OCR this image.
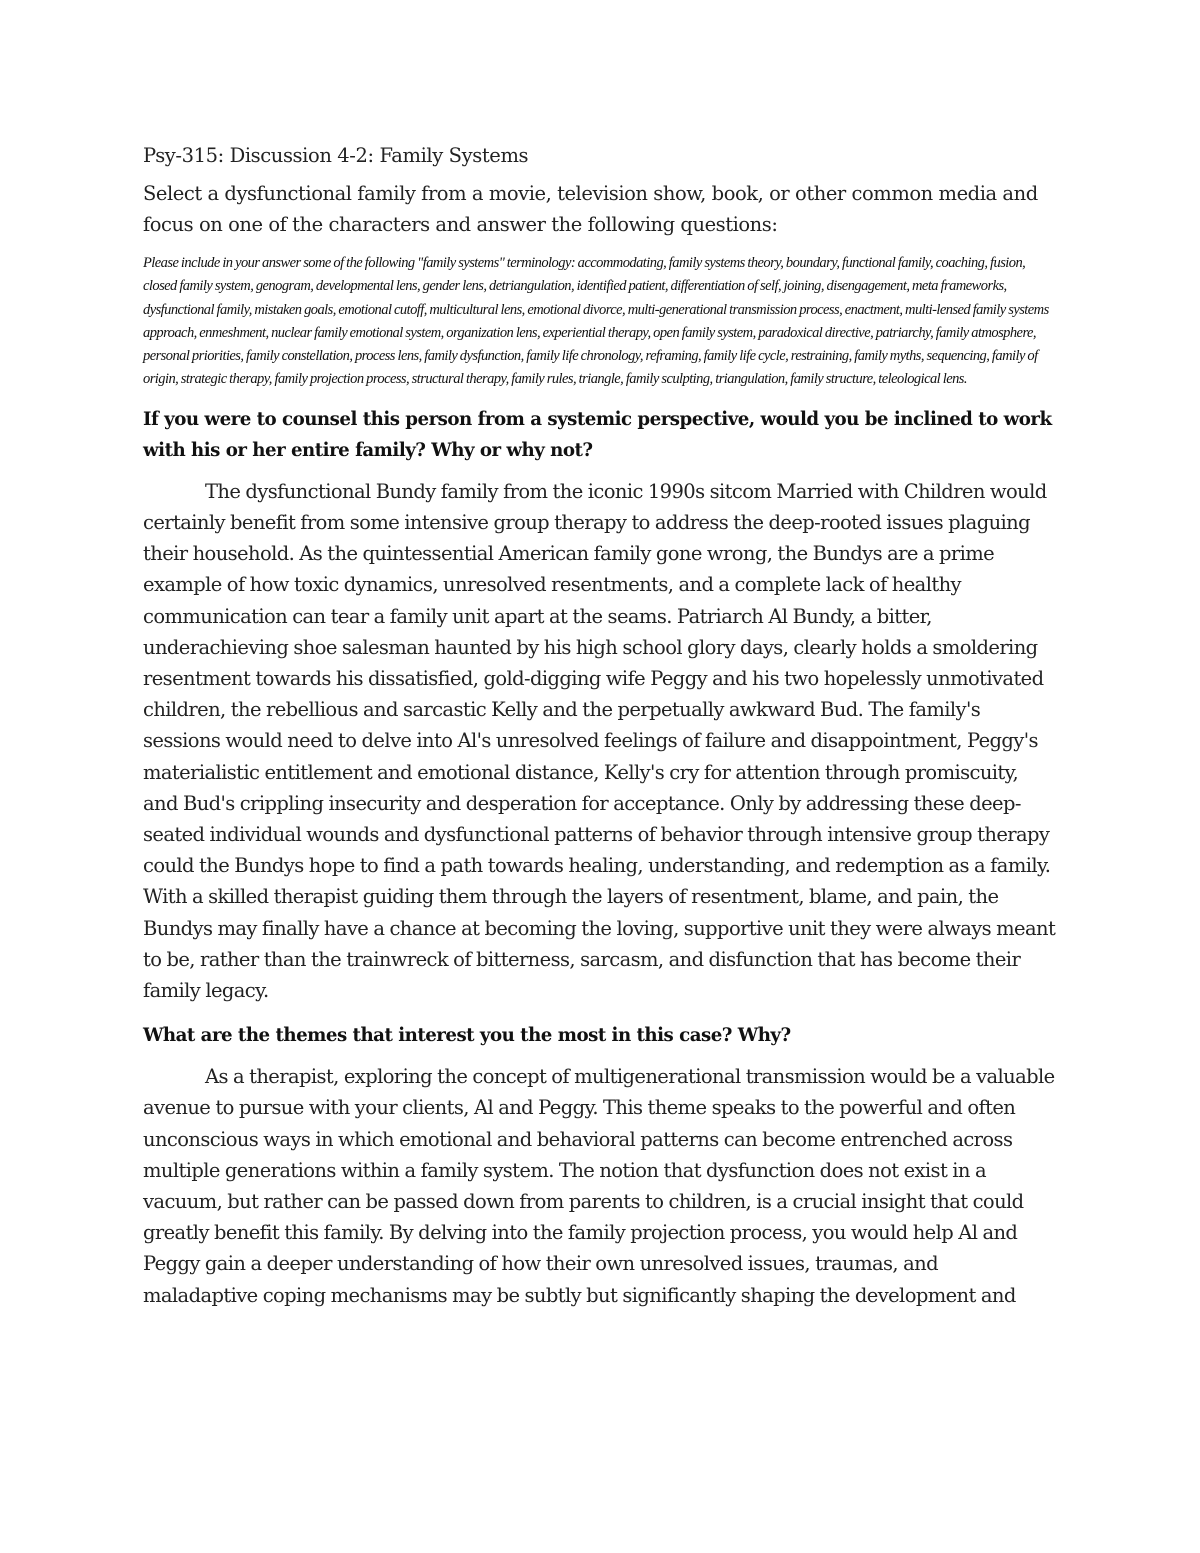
Psy-315: Discussion 4-2: Family Systems

Select a dysfunctional family from a movie, television show, book, or other common media and focus on one of the characters and answer the following questions:

Please include in your answer some of the following "family systems" terminology: accommodating, family systems theory, boundary, functional family, coaching, fusion, closed family system, genogram, developmental lens, gender lens, detriangulation, identified patient, differentiation of self, joining, disengagement, meta frameworks, dysfunctional family, mistaken goals, emotional cutoff, multicultural lens, emotional divorce, multi-generational transmission process, enactment, multi-lensed family systems approach, enmeshment, nuclear family emotional system, organization lens, experiential therapy, open family system, paradoxical directive, patriarchy, family atmosphere, personal priorities, family constellation, process lens, family dysfunction, family life chronology, reframing, family life cycle, restraining, family myths, sequencing, family of origin, strategic therapy, family projection process, structural therapy, family rules, triangle, family sculpting, triangulation, family structure, teleological lens.

If you were to counsel this person from a systemic perspective, would you be inclined to work with his or her entire family? Why or why not?

The dysfunctional Bundy family from the iconic 1990s sitcom Married with Children would certainly benefit from some intensive group therapy to address the deep-rooted issues plaguing their household. As the quintessential American family gone wrong, the Bundys are a prime example of how toxic dynamics, unresolved resentments, and a complete lack of healthy communication can tear a family unit apart at the seams. Patriarch Al Bundy, a bitter, underachieving shoe salesman haunted by his high school glory days, clearly holds a smoldering resentment towards his dissatisfied, gold-digging wife Peggy and his two hopelessly unmotivated children, the rebellious and sarcastic Kelly and the perpetually awkward Bud. The family's sessions would need to delve into Al's unresolved feelings of failure and disappointment, Peggy's materialistic entitlement and emotional distance, Kelly's cry for attention through promiscuity, and Bud's crippling insecurity and desperation for acceptance. Only by addressing these deep-seated individual wounds and dysfunctional patterns of behavior through intensive group therapy could the Bundys hope to find a path towards healing, understanding, and redemption as a family. With a skilled therapist guiding them through the layers of resentment, blame, and pain, the Bundys may finally have a chance at becoming the loving, supportive unit they were always meant to be, rather than the trainwreck of bitterness, sarcasm, and disfunction that has become their family legacy.

What are the themes that interest you the most in this case? Why?

As a therapist, exploring the concept of multigenerational transmission would be a valuable avenue to pursue with your clients, Al and Peggy. This theme speaks to the powerful and often unconscious ways in which emotional and behavioral patterns can become entrenched across multiple generations within a family system. The notion that dysfunction does not exist in a vacuum, but rather can be passed down from parents to children, is a crucial insight that could greatly benefit this family. By delving into the family projection process, you would help Al and Peggy gain a deeper understanding of how their own unresolved issues, traumas, and maladaptive coping mechanisms may be subtly but significantly shaping the development and
